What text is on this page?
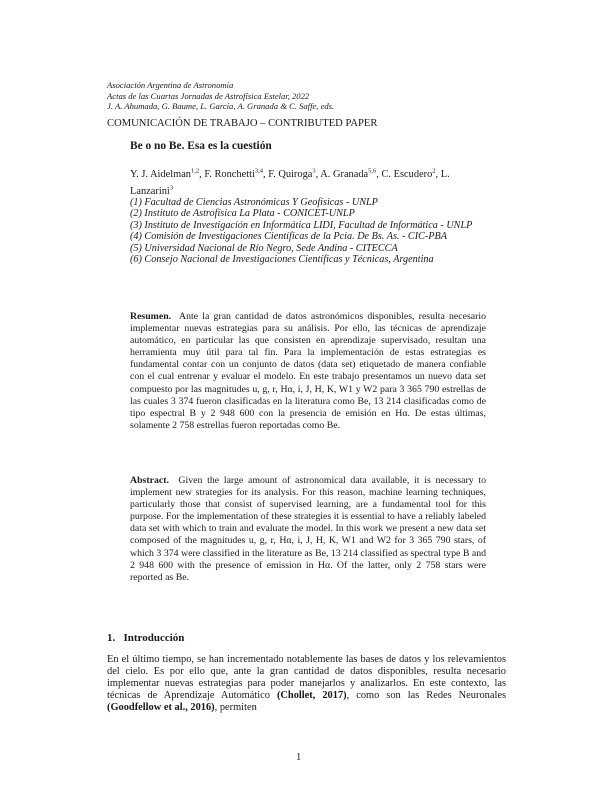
Asociación Argentina de Astronomía
Actas de las Cuartas Jornadas de Astrofísica Estelar, 2022
J. A. Ahumada, G. Baume, L. García, A. Granada & C. Saffe, eds.
COMUNICACIÓN DE TRABAJO – CONTRIBUTED PAPER
Be o no Be. Esa es la cuestión
Y. J. Aidelman$^{1,2}$, F. Ronchetti$^{3,4}$, F. Quiroga$^3$, A. Granada$^{5,6}$, C. Escudero$^2$, L. Lanzarini$^3$
(1) Facultad de Ciencias Astronómicas Y Geofísicas - UNLP
(2) Instituto de Astrofísica La Plata - CONICET-UNLP
(3) Instituto de Investigación en Informática LIDI, Facultad de Informática - UNLP
(4) Comisión de Investigaciones Científicas de la Pcia. De Bs. As. - CIC-PBA
(5) Universidad Nacional de Río Negro, Sede Andina - CITECCA
(6) Consejo Nacional de Investigaciones Científicas y Técnicas, Argentina
Resumen. Ante la gran cantidad de datos astronómicos disponibles, resulta necesario implementar nuevas estrategias para su análisis. Por ello, las técnicas de aprendizaje automático, en particular las que consisten en aprendizaje supervisado, resultan una herramienta muy útil para tal fin. Para la implementación de estas estrategias es fundamental contar con un conjunto de datos (data set) etiquetado de manera confiable con el cual entrenar y evaluar el modelo. En este trabajo presentamos un nuevo data set compuesto por las magnitudes u, g, r, Hα, i, J, H, K, W1 y W2 para 3 365 790 estrellas de las cuales 3 374 fueron clasificadas en la literatura como Be, 13 214 clasificadas como de tipo espectral B y 2 948 600 con la presencia de emisión en Hα. De estas últimas, solamente 2 758 estrellas fueron reportadas como Be.
Abstract. Given the large amount of astronomical data available, it is necessary to implement new strategies for its analysis. For this reason, machine learning techniques, particularly those that consist of supervised learning, are a fundamental tool for this purpose. For the implementation of these strategies it is essential to have a reliably labeled data set with which to train and evaluate the model. In this work we present a new data set composed of the magnitudes u, g, r, Hα, i, J, H, K, W1 and W2 for 3 365 790 stars, of which 3 374 were classified in the literature as Be, 13 214 classified as spectral type B and 2 948 600 with the presence of emission in Hα. Of the latter, only 2 758 stars were reported as Be.
1. Introducción
En el último tiempo, se han incrementado notablemente las bases de datos y los relevamientos del cielo. Es por ello que, ante la gran cantidad de datos disponibles, resulta necesario implementar nuevas estrategias para poder manejarlos y analizarlos. En este contexto, las técnicas de Aprendizaje Automático (Chollet, 2017), como son las Redes Neuronales (Goodfellow et al., 2016), permiten
1
